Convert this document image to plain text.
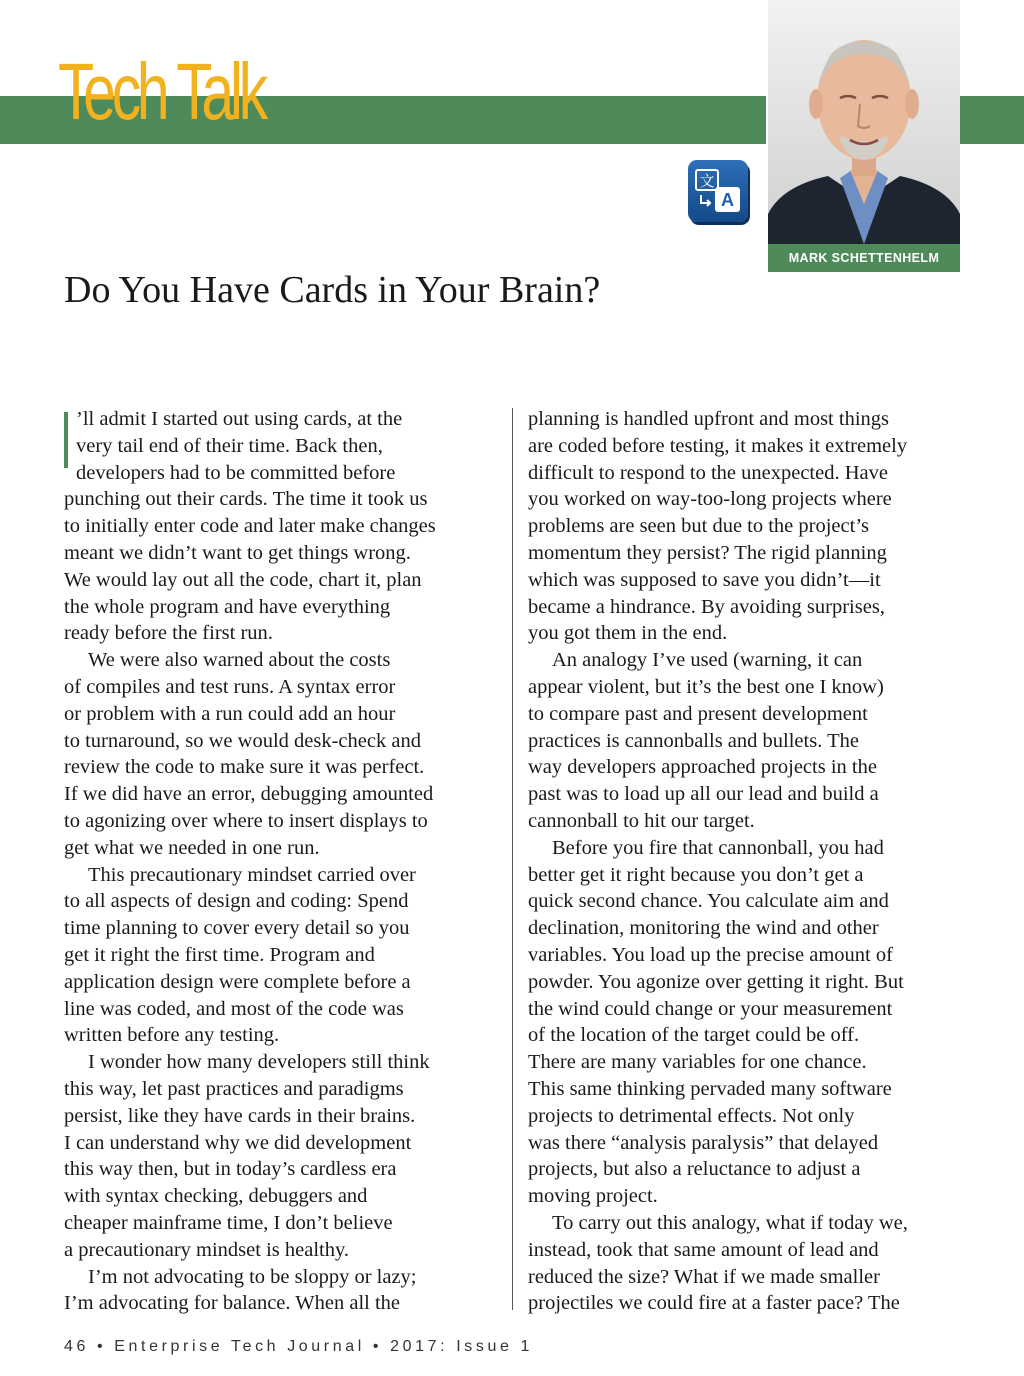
Tech Talk
文
A
MARK SCHETTENHELM
Do You Have Cards in Your Brain?
’ll admit I started out using cards, at the
very tail end of their time. Back then,
developers had to be committed before
punching out their cards. The time it took us
to initially enter code and later make changes
meant we didn’t want to get things wrong.
We would lay out all the code, chart it, plan
the whole program and have everything
ready before the first run.
We were also warned about the costs
of compiles and test runs. A syntax error
or problem with a run could add an hour
to turnaround, so we would desk-check and
review the code to make sure it was perfect.
If we did have an error, debugging amounted
to agonizing over where to insert displays to
get what we needed in one run.
This precautionary mindset carried over
to all aspects of design and coding: Spend
time planning to cover every detail so you
get it right the first time. Program and
application design were complete before a
line was coded, and most of the code was
written before any testing.
I wonder how many developers still think
this way, let past practices and paradigms
persist, like they have cards in their brains.
I can understand why we did development
this way then, but in today’s cardless era
with syntax checking, debuggers and
cheaper mainframe time, I don’t believe
a precautionary mindset is healthy.
I’m not advocating to be sloppy or lazy;
I’m advocating for balance. When all the
planning is handled upfront and most things
are coded before testing, it makes it extremely
difficult to respond to the unexpected. Have
you worked on way-too-long projects where
problems are seen but due to the project’s
momentum they persist? The rigid planning
which was supposed to save you didn’t—it
became a hindrance. By avoiding surprises,
you got them in the end.
An analogy I’ve used (warning, it can
appear violent, but it’s the best one I know)
to compare past and present development
practices is cannonballs and bullets. The
way developers approached projects in the
past was to load up all our lead and build a
cannonball to hit our target.
Before you fire that cannonball, you had
better get it right because you don’t get a
quick second chance. You calculate aim and
declination, monitoring the wind and other
variables. You load up the precise amount of
powder. You agonize over getting it right. But
the wind could change or your measurement
of the location of the target could be off.
There are many variables for one chance.
This same thinking pervaded many software
projects to detrimental effects. Not only
was there “analysis paralysis” that delayed
projects, but also a reluctance to adjust a
moving project.
To carry out this analogy, what if today we,
instead, took that same amount of lead and
reduced the size? What if we made smaller
projectiles we could fire at a faster pace? The
46 • Enterprise Tech Journal • 2017: Issue 1
